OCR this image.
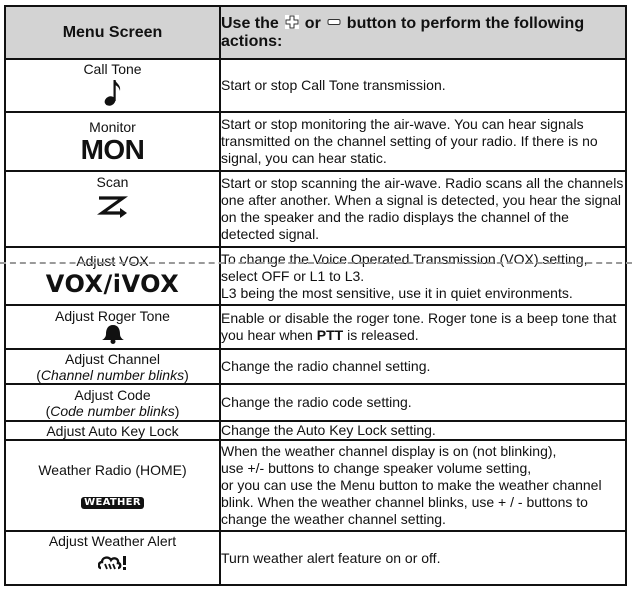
Menu Screen	Use the or button to perform the following actions:

Call Tone	Start or stop Call Tone transmission.

Monitor
MON	Start or stop monitoring the air-wave. You can hear signals transmitted on the channel setting of your radio. If there is no signal, you can hear static.

Scan	Start or stop scanning the air-wave. Radio scans all the channels one after another. When a signal is detected, you hear the signal on the speaker and the radio displays the channel of the detected signal.

Adjust VOX
VOX/iVOX	To change the Voice Operated Transmission (VOX) setting, select OFF or L1 to L3.
L3 being the most sensitive, use it in quiet environments.

Adjust Roger Tone	Enable or disable the roger tone. Roger tone is a beep tone that you hear when PTT is released.

Adjust Channel
(Channel number blinks)	Change the radio channel setting.

Adjust Code
(Code number blinks)	Change the radio code setting.
Adjust Auto Key Lock	Change the Auto Key Lock setting.

Weather Radio (HOME)
WEATHER	When the weather channel display is on (not blinking),
use +/- buttons to change speaker volume setting,
or you can use the Menu button to make the weather channel blink. When the weather channel blinks, use + / - buttons to change the weather channel setting.

Adjust Weather Alert	Turn weather alert feature on or off.
